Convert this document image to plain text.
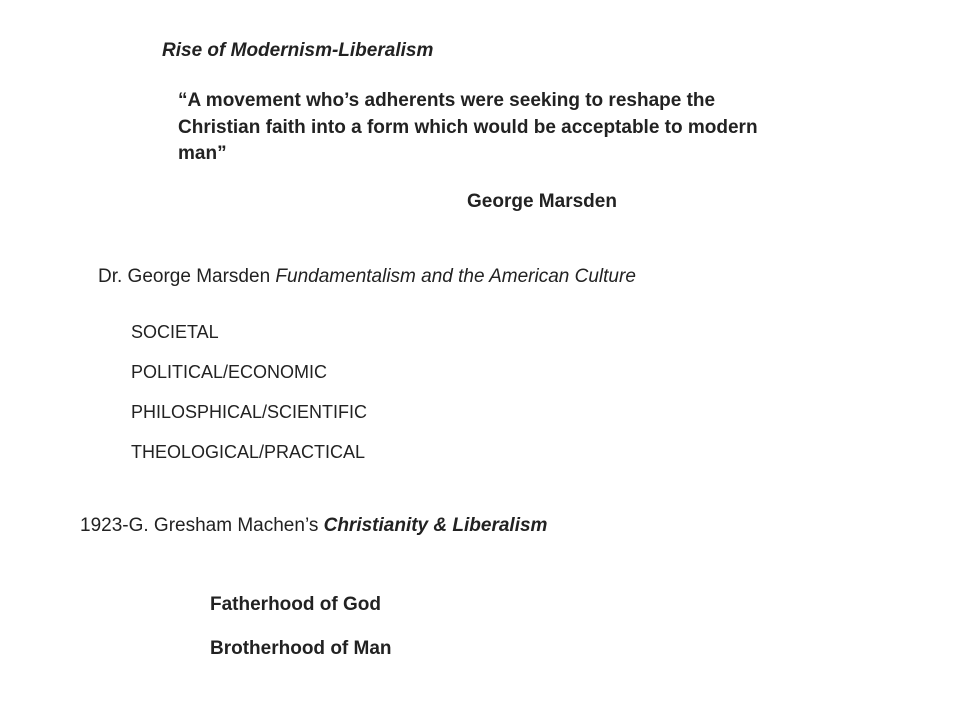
Rise of Modernism-Liberalism
“A movement who’s adherents were seeking to reshape the Christian faith into a form which would be acceptable to modern man”
George Marsden
Dr. George Marsden Fundamentalism and the American Culture
SOCIETAL
POLITICAL/ECONOMIC
PHILOSPHICAL/SCIENTIFIC
THEOLOGICAL/PRACTICAL
1923-G. Gresham Machen’s Christianity & Liberalism
Fatherhood of God
Brotherhood of Man
